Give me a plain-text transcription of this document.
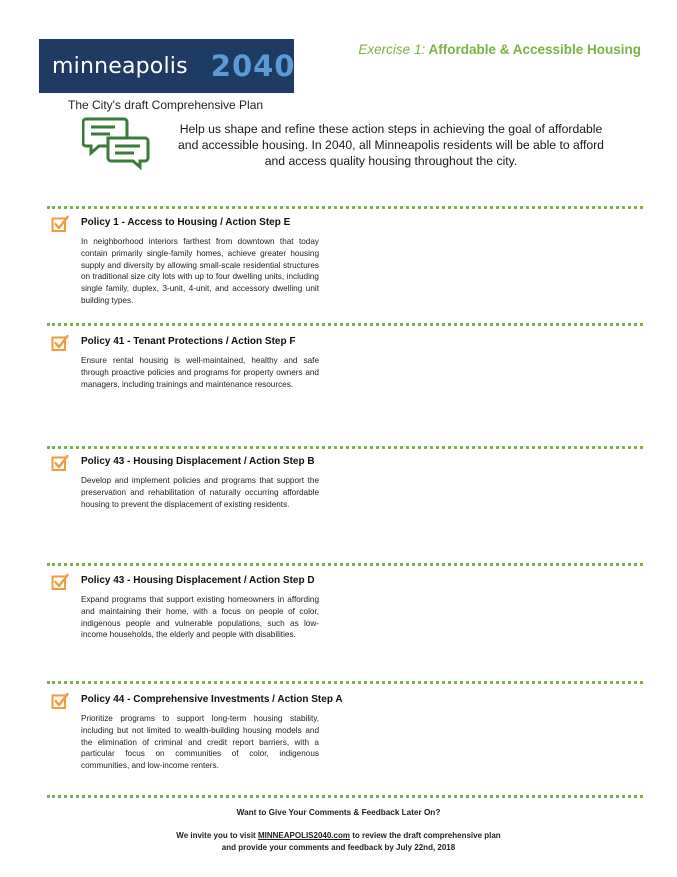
minneapolis 2040
The City's draft Comprehensive Plan
Exercise 1: Affordable & Accessible Housing
Help us shape and refine these action steps in achieving the goal of affordable
and accessible housing. In 2040, all Minneapolis residents will be able to afford
and access quality housing throughout the city.
Policy 1 - Access to Housing / Action Step E
In neighborhood interiors farthest from downtown that today contain primarily single-family homes, achieve greater housing supply and diversity by allowing small-scale residential structures on traditional size city lots with up to four dwelling units, including single family, duplex, 3-unit, 4-unit, and accessory dwelling unit building types.
Policy 41 - Tenant Protections / Action Step F
Ensure rental housing is well-maintained, healthy and safe through proactive policies and programs for property owners and managers, including trainings and maintenance resources.
Policy 43 - Housing Displacement / Action Step B
Develop and implement policies and programs that support the preservation and rehabilitation of naturally occurring affordable housing to prevent the displacement of existing residents.
Policy 43 - Housing Displacement / Action Step D
Expand programs that support existing homeowners in affording and maintaining their home, with a focus on people of color, indigenous people and vulnerable populations, such as low-income households, the elderly and people with disabilities.
Policy 44 - Comprehensive Investments / Action Step A
Prioritize programs to support long-term housing stability, including but not limited to wealth-building housing models and the elimination of criminal and credit report barriers, with a particular focus on communities of color, indigenous communities, and low-income renters.
Want to Give Your Comments & Feedback Later On?
We invite you to visit MINNEAPOLIS2040.com to review the draft comprehensive plan
and provide your comments and feedback by July 22nd, 2018
